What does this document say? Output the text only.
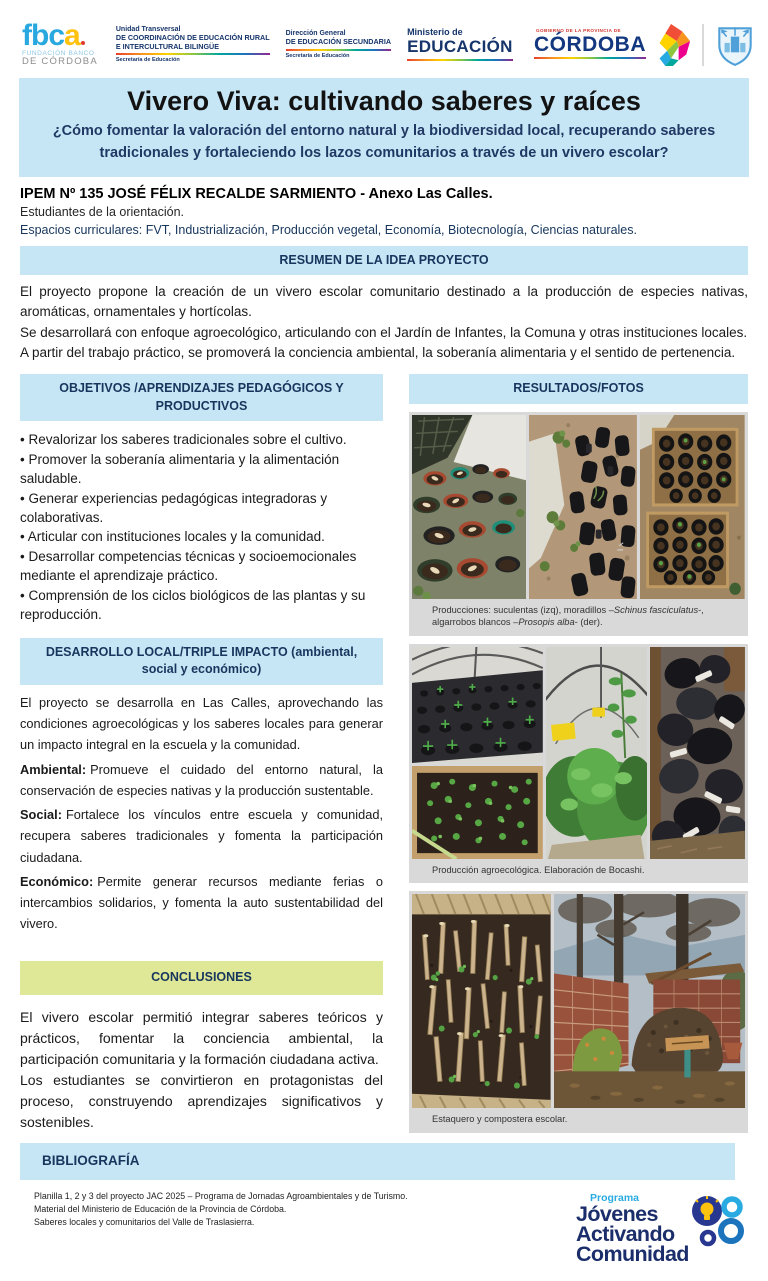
fbca
FUNDACIÓN BANCO
DE CÓRDOBA
Unidad Transversal
DE COORDINACIÓN DE EDUCACIÓN RURAL
E INTERCULTURAL BILINGÜE
Secretaría de Educación
Dirección General
DE EDUCACIÓN SECUNDARIA
Secretaría de Educación
Ministerio de
EDUCACIÓN
GOBIERNO DE LA PROVINCIA DE
CÓRDOBA
Vivero Viva: cultivando saberes y raíces
¿Cómo fomentar la valoración del entorno natural y la biodiversidad local, recuperando saberes tradicionales y fortaleciendo los lazos comunitarios a través de un vivero escolar?
IPEM Nº 135 JOSÉ FÉLIX RECALDE SARMIENTO - Anexo Las Calles.
Estudiantes de la orientación.
Espacios curriculares: FVT, Industrialización, Producción vegetal, Economía, Biotecnología, Ciencias naturales.
RESUMEN DE LA IDEA PROYECTO

El proyecto propone la creación de un vivero escolar comunitario destinado a la producción de especies nativas, aromáticas, ornamentales y hortícolas.

Se desarrollará con enfoque agroecológico, articulando con el Jardín de Infantes, la Comuna y otras instituciones locales.

A partir del trabajo práctico, se promoverá la conciencia ambiental, la soberanía alimentaria y el sentido de pertenencia.

OBJETIVOS /APRENDIZAJES PEDAGÓGICOS Y PRODUCTIVOS
• Revalorizar los saberes tradicionales sobre el cultivo.
• Promover la soberanía alimentaria y la alimentación saludable.
• Generar experiencias pedagógicas integradoras y colaborativas.
• Articular con instituciones locales y la comunidad.
• Desarrollar competencias técnicas y socioemocionales mediante el aprendizaje práctico.
• Comprensión de los ciclos biológicos de las plantas y su reproducción.
DESARROLLO LOCAL/TRIPLE IMPACTO (ambiental, social y económico)

El proyecto se desarrolla en Las Calles, aprovechando las condiciones agroecológicas y los saberes locales para generar un impacto integral en la escuela y la comunidad.

Ambiental: Promueve el cuidado del entorno natural, la conservación de especies nativas y la producción sustentable.

Social: Fortalece los vínculos entre escuela y comunidad, recupera saberes tradicionales y fomenta la participación ciudadana.

Económico: Permite generar recursos mediante ferias o intercambios solidarios, y fomenta la auto sustentabilidad del vivero.

CONCLUSIONES

El vivero escolar permitió integrar saberes teóricos y prácticos, fomentar la conciencia ambiental, la participación comunitaria y la formación ciudadana activa.

Los estudiantes se convirtieron en protagonistas del proceso, construyendo aprendizajes significativos y sostenibles.

RESULTADOS/FOTOS
Producciones: suculentas (izq), moradillos –Schinus fasciculatus-, algarrobos blancos –Prosopis alba- (der).
Producción agroecológica. Elaboración de Bocashi.
Estaquero y compostera escolar.
BIBLIOGRAFÍA

Planilla 1, 2 y 3 del proyecto JAC 2025 – Programa de Jornadas Agroambientales y de Turismo.

Material del Ministerio de Educación de la Provincia de Córdoba.

Saberes locales y comunitarios del Valle de Traslasierra.

Programa
Jóvenes
Activando
Comunidad
